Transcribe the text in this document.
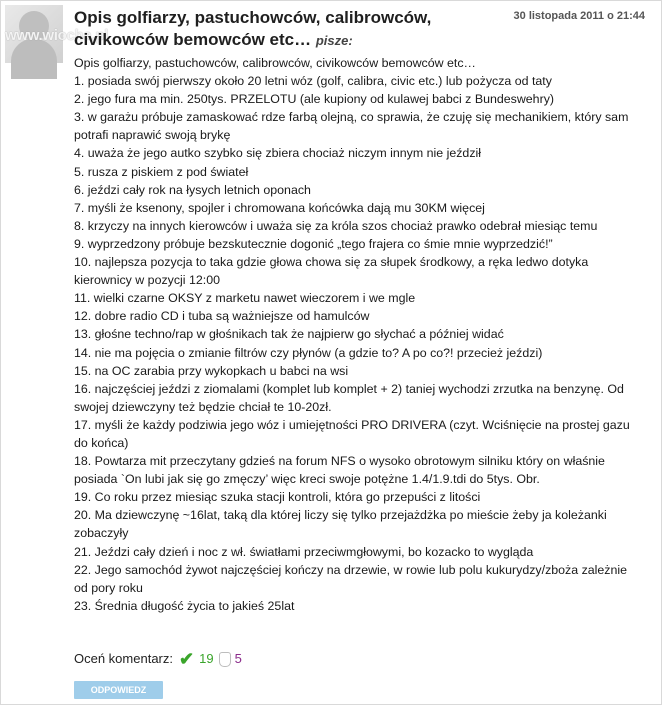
www.wiocha.pl
30 listopada 2011 o 21:44
Opis golfiarzy, pastuchowców, calibrowców, civikowców bemowców etc… pisze:

Opis golfiarzy, pastuchowców, calibrowców, civikowców bemowców etc…

1. posiada swój pierwszy około 20 letni wóz (golf, calibra, civic etc.) lub pożycza od taty

2. jego fura ma min. 250tys. PRZELOTU (ale kupiony od kulawej babci z Bundeswehry)

3. w garażu próbuje zamaskować rdze farbą olejną, co sprawia, że czuję się mechanikiem, który sam potrafi naprawić swoją brykę

4. uważa że jego autko szybko się zbiera chociaż niczym innym nie jeździł

5. rusza z piskiem z pod świateł

6. jeździ cały rok na łysych letnich oponach

7. myśli że ksenony, spojler i chromowana końcówka dają mu 30KM więcej

8. krzyczy na innych kierowców i uważa się za króla szos chociaż prawko odebrał miesiąc temu

9. wyprzedzony próbuje bezskutecznie dogonić „tego frajera co śmie mnie wyprzedzić!”

10. najlepsza pozycja to taka gdzie głowa chowa się za słupek środkowy, a ręka ledwo dotyka kierownicy w pozycji 12:00

11. wielki czarne OKSY z marketu nawet wieczorem i we mgle

12. dobre radio CD i tuba są ważniejsze od hamulców

13. głośne techno/rap w głośnikach tak że najpierw go słychać a później widać

14. nie ma pojęcia o zmianie filtrów czy płynów (a gdzie to? A po co?! przecież jeździ)

15. na OC zarabia przy wykopkach u babci na wsi

16. najczęściej jeździ z ziomalami (komplet lub komplet + 2) taniej wychodzi zrzutka na benzynę. Od swojej dziewczyny też będzie chciał te 10-20zł.

17. myśli że każdy podziwia jego wóz i umiejętności PRO DRIVERA (czyt. Wciśnięcie na prostej gazu do końca)

18. Powtarza mit przeczytany gdzieś na forum NFS o wysoko obrotowym silniku który on właśnie posiada `On lubi jak się go zmęczy’ więc kreci swoje potężne 1.4/1.9.tdi do 5tys. Obr.

19. Co roku przez miesiąc szuka stacji kontroli, która go przepuści z litości

20. Ma dziewczynę ~16lat, taką dla której liczy się tylko przejażdżka po mieście żeby ja koleżanki zobaczyły

21. Jeździ cały dzień i noc z wł. światłami przeciwmgłowymi, bo kozacko to wygląda

22. Jego samochód żywot najczęściej kończy na drzewie, w rowie lub polu kukurydzy/zboża zależnie od pory roku

23. Średnia długość życia to jakieś 25lat

Oceń komentarz: ✔ 19 5
ODPOWIEDZ
